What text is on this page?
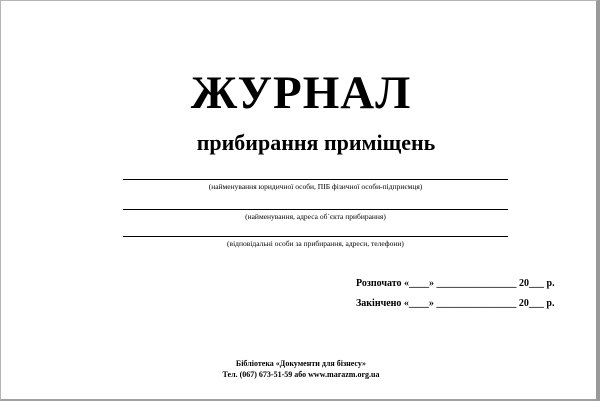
ЖУРНАЛ
прибирання приміщень
(найменування юридичної особи, ПІБ фізичної особи-підприємця)
(найменування, адреса об`єкта прибирання)
(відповідальні особи за прибирання, адреси, телефони)
Розпочато «____» ________________ 20___ р.
Закінчено «____» ________________ 20___ р.
Бібліотека «Документи для бізнесу»
Тел. (067) 673-51-59 або www.marazm.org.ua
